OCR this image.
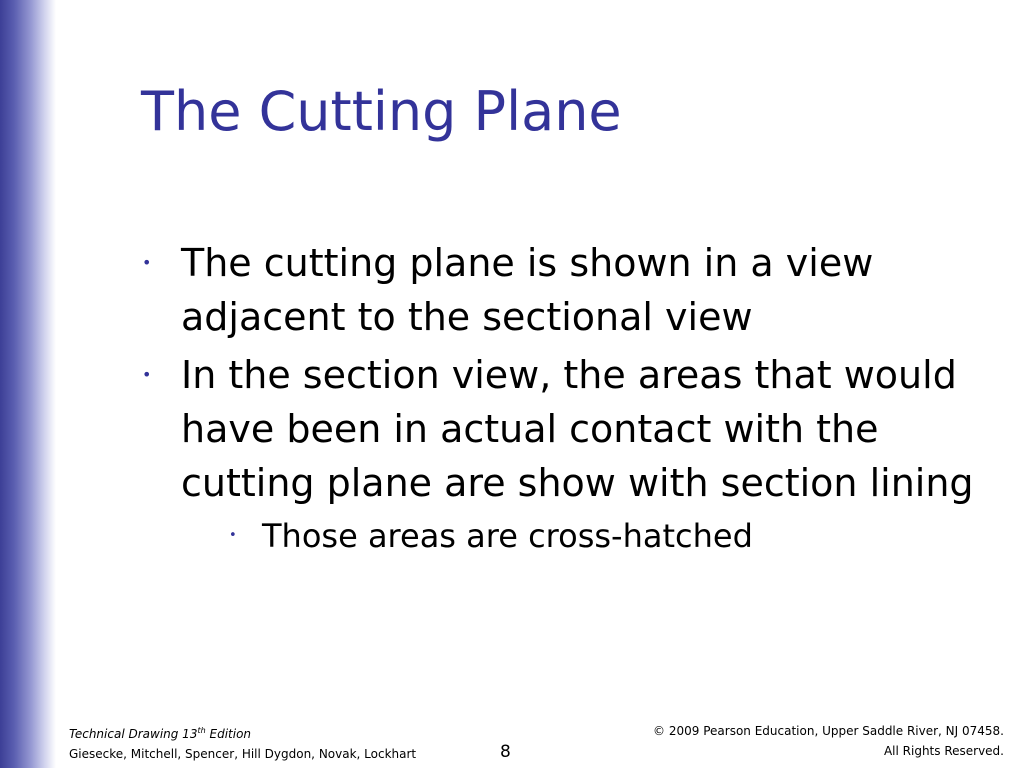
The Cutting Plane
• The cutting plane is shown in a view adjacent to the sectional view
• In the section view, the areas that would have been in actual contact with the cutting plane are show with section lining
• Those areas are cross-hatched
Technical Drawing 13th Edition
Giesecke, Mitchell, Spencer, Hill Dygdon, Novak, Lockhart	8
© 2009 Pearson Education, Upper Saddle River, NJ 07458.
All Rights Reserved.
